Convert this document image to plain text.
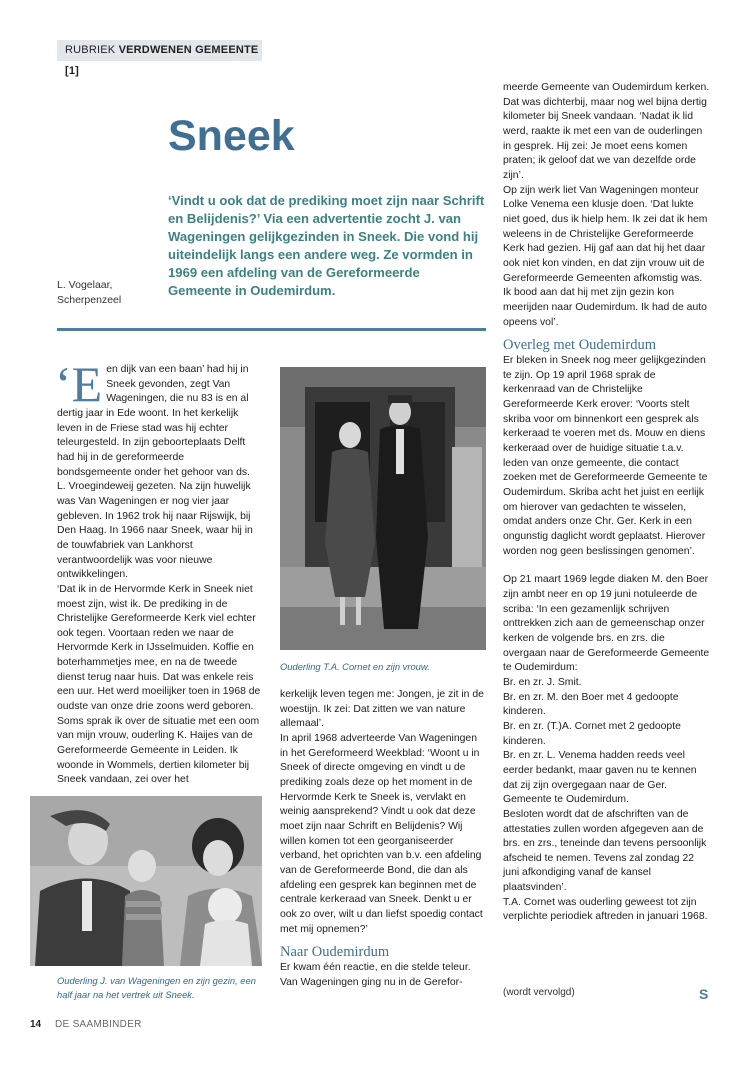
RUBRIEK VERDWENEN GEMEENTE [1]
Sneek
‘Vindt u ook dat de prediking moet zijn naar Schrift en Belijdenis?’ Via een advertentie zocht J. van Wageningen gelijkgezinden in Sneek. Die vond hij uiteindelijk langs een andere weg. Ze vormden in 1969 een afdeling van de Gereformeerde Gemeente in Oudemirdum.
L. Vogelaar,
Scherpenzeel

‘Een dijk van een baan’ had hij in Sneek gevonden, zegt Van Wageningen, die nu 83 is en al dertig jaar in Ede woont. In het kerkelijk leven in de Friese stad was hij echter teleurgesteld. In zijn geboorteplaats Delft had hij in de gereformeerde bondsgemeente onder het gehoor van ds. L. Vroegindeweij gezeten. Na zijn huwelijk was Van Wageningen er nog vier jaar gebleven. In 1962 trok hij naar Rijswijk, bij Den Haag. In 1966 naar Sneek, waar hij in de touwfabriek van Lankhorst verantwoordelijk was voor nieuwe ontwikkelingen.

‘Dat ik in de Hervormde Kerk in Sneek niet moest zijn, wist ik. De prediking in de Christelijke Gereformeerde Kerk viel echter ook tegen. Voortaan reden we naar de Hervormde Kerk in IJsselmuiden. Koffie en boterhammetjes mee, en na de tweede dienst terug naar huis. Dat was enkele reis een uur. Het werd moeilijker toen in 1968 de oudste van onze drie zoons werd geboren. Soms sprak ik over de situatie met een oom van mijn vrouw, ouderling K. Haijes van de Gereformeerde Gemeente in Leiden. Ik woonde in Wommels, dertien kilometer bij Sneek vandaan, zei over het

Ouderling T.A. Cornet en zijn vrouw.

kerkelijk leven tegen me: Jongen, je zit in de woestijn. Ik zei: Dat zitten we van nature allemaal’.

In april 1968 adverteerde Van Wageningen in het Gereformeerd Weekblad: ‘Woont u in Sneek of directe omgeving en vindt u de prediking zoals deze op het moment in de Hervormde Kerk te Sneek is, vervlakt en weinig aansprekend? Vindt u ook dat deze moet zijn naar Schrift en Belijdenis? Wij willen komen tot een georganiseerder verband, het oprichten van b.v. een afdeling van de Gereformeerde Bond, die dan als afdeling een gesprek kan beginnen met de centrale kerkeraad van Sneek. Denkt u er ook zo over, wilt u dan liefst spoedig contact met mij opnemen?’

Naar Oudemirdum

Er kwam één reactie, en die stelde teleur. Van Wageningen ging nu in de Gerefor-

Ouderling J. van Wageningen en zijn gezin, een half jaar na het vertrek uit Sneek.

meerde Gemeente van Oudemirdum kerken. Dat was dichterbij, maar nog wel bijna dertig kilometer bij Sneek vandaan. ‘Nadat ik lid werd, raakte ik met een van de ouderlingen in gesprek. Hij zei: Je moet eens komen praten; ik geloof dat we van dezelfde orde zijn’.

Op zijn werk liet Van Wageningen monteur Lolke Venema een klusje doen. ‘Dat lukte niet goed, dus ik hielp hem. Ik zei dat ik hem weleens in de Christelijke Gereformeerde Kerk had gezien. Hij gaf aan dat hij het daar ook niet kon vinden, en dat zijn vrouw uit de Gereformeerde Gemeenten afkomstig was. Ik bood aan dat hij met zijn gezin kon meerijden naar Oudemirdum. Ik had de auto opeens vol’.

Overleg met Oudemirdum

Er bleken in Sneek nog meer gelijkgezinden te zijn. Op 19 april 1968 sprak de kerkenraad van de Christelijke Gereformeerde Kerk erover: ‘Voorts stelt skriba voor om binnenkort een gesprek als kerkeraad te voeren met ds. Mouw en diens kerkeraad over de huidige situatie t.a.v. leden van onze gemeente, die contact zoeken met de Gereformeerde Gemeente te Oudemirdum. Skriba acht het juist en eerlijk om hierover van gedachten te wisselen, omdat anders onze Chr. Ger. Kerk in een ongunstig daglicht wordt geplaatst. Hierover worden nog geen beslissingen genomen’.

Op 21 maart 1969 legde diaken M. den Boer zijn ambt neer en op 19 juni notuleerde de scriba: ‘In een gezamenlijk schrijven onttrekken zich aan de gemeenschap onzer kerken de volgende brs. en zrs. die overgaan naar de Gereformeerde Gemeente te Oudemirdum:

Br. en zr. J. Smit.

Br. en zr. M. den Boer met 4 gedoopte kinderen.

Br. en zr. (T.)A. Cornet met 2 gedoopte kinderen.

Br. en zr. L. Venema hadden reeds veel eerder bedankt, maar gaven nu te kennen dat zij zijn overgegaan naar de Ger. Gemeente te Oudemirdum.

Besloten wordt dat de afschriften van de attestaties zullen worden afgegeven aan de brs. en zrs., teneinde dan tevens persoonlijk afscheid te nemen. Tevens zal zondag 22 juni afkondiging vanaf de kansel plaatsvinden’.

T.A. Cornet was ouderling geweest tot zijn verplichte periodiek aftreden in januari 1968.

(wordt vervolgd)	S
14 DE SAAMBINDER
